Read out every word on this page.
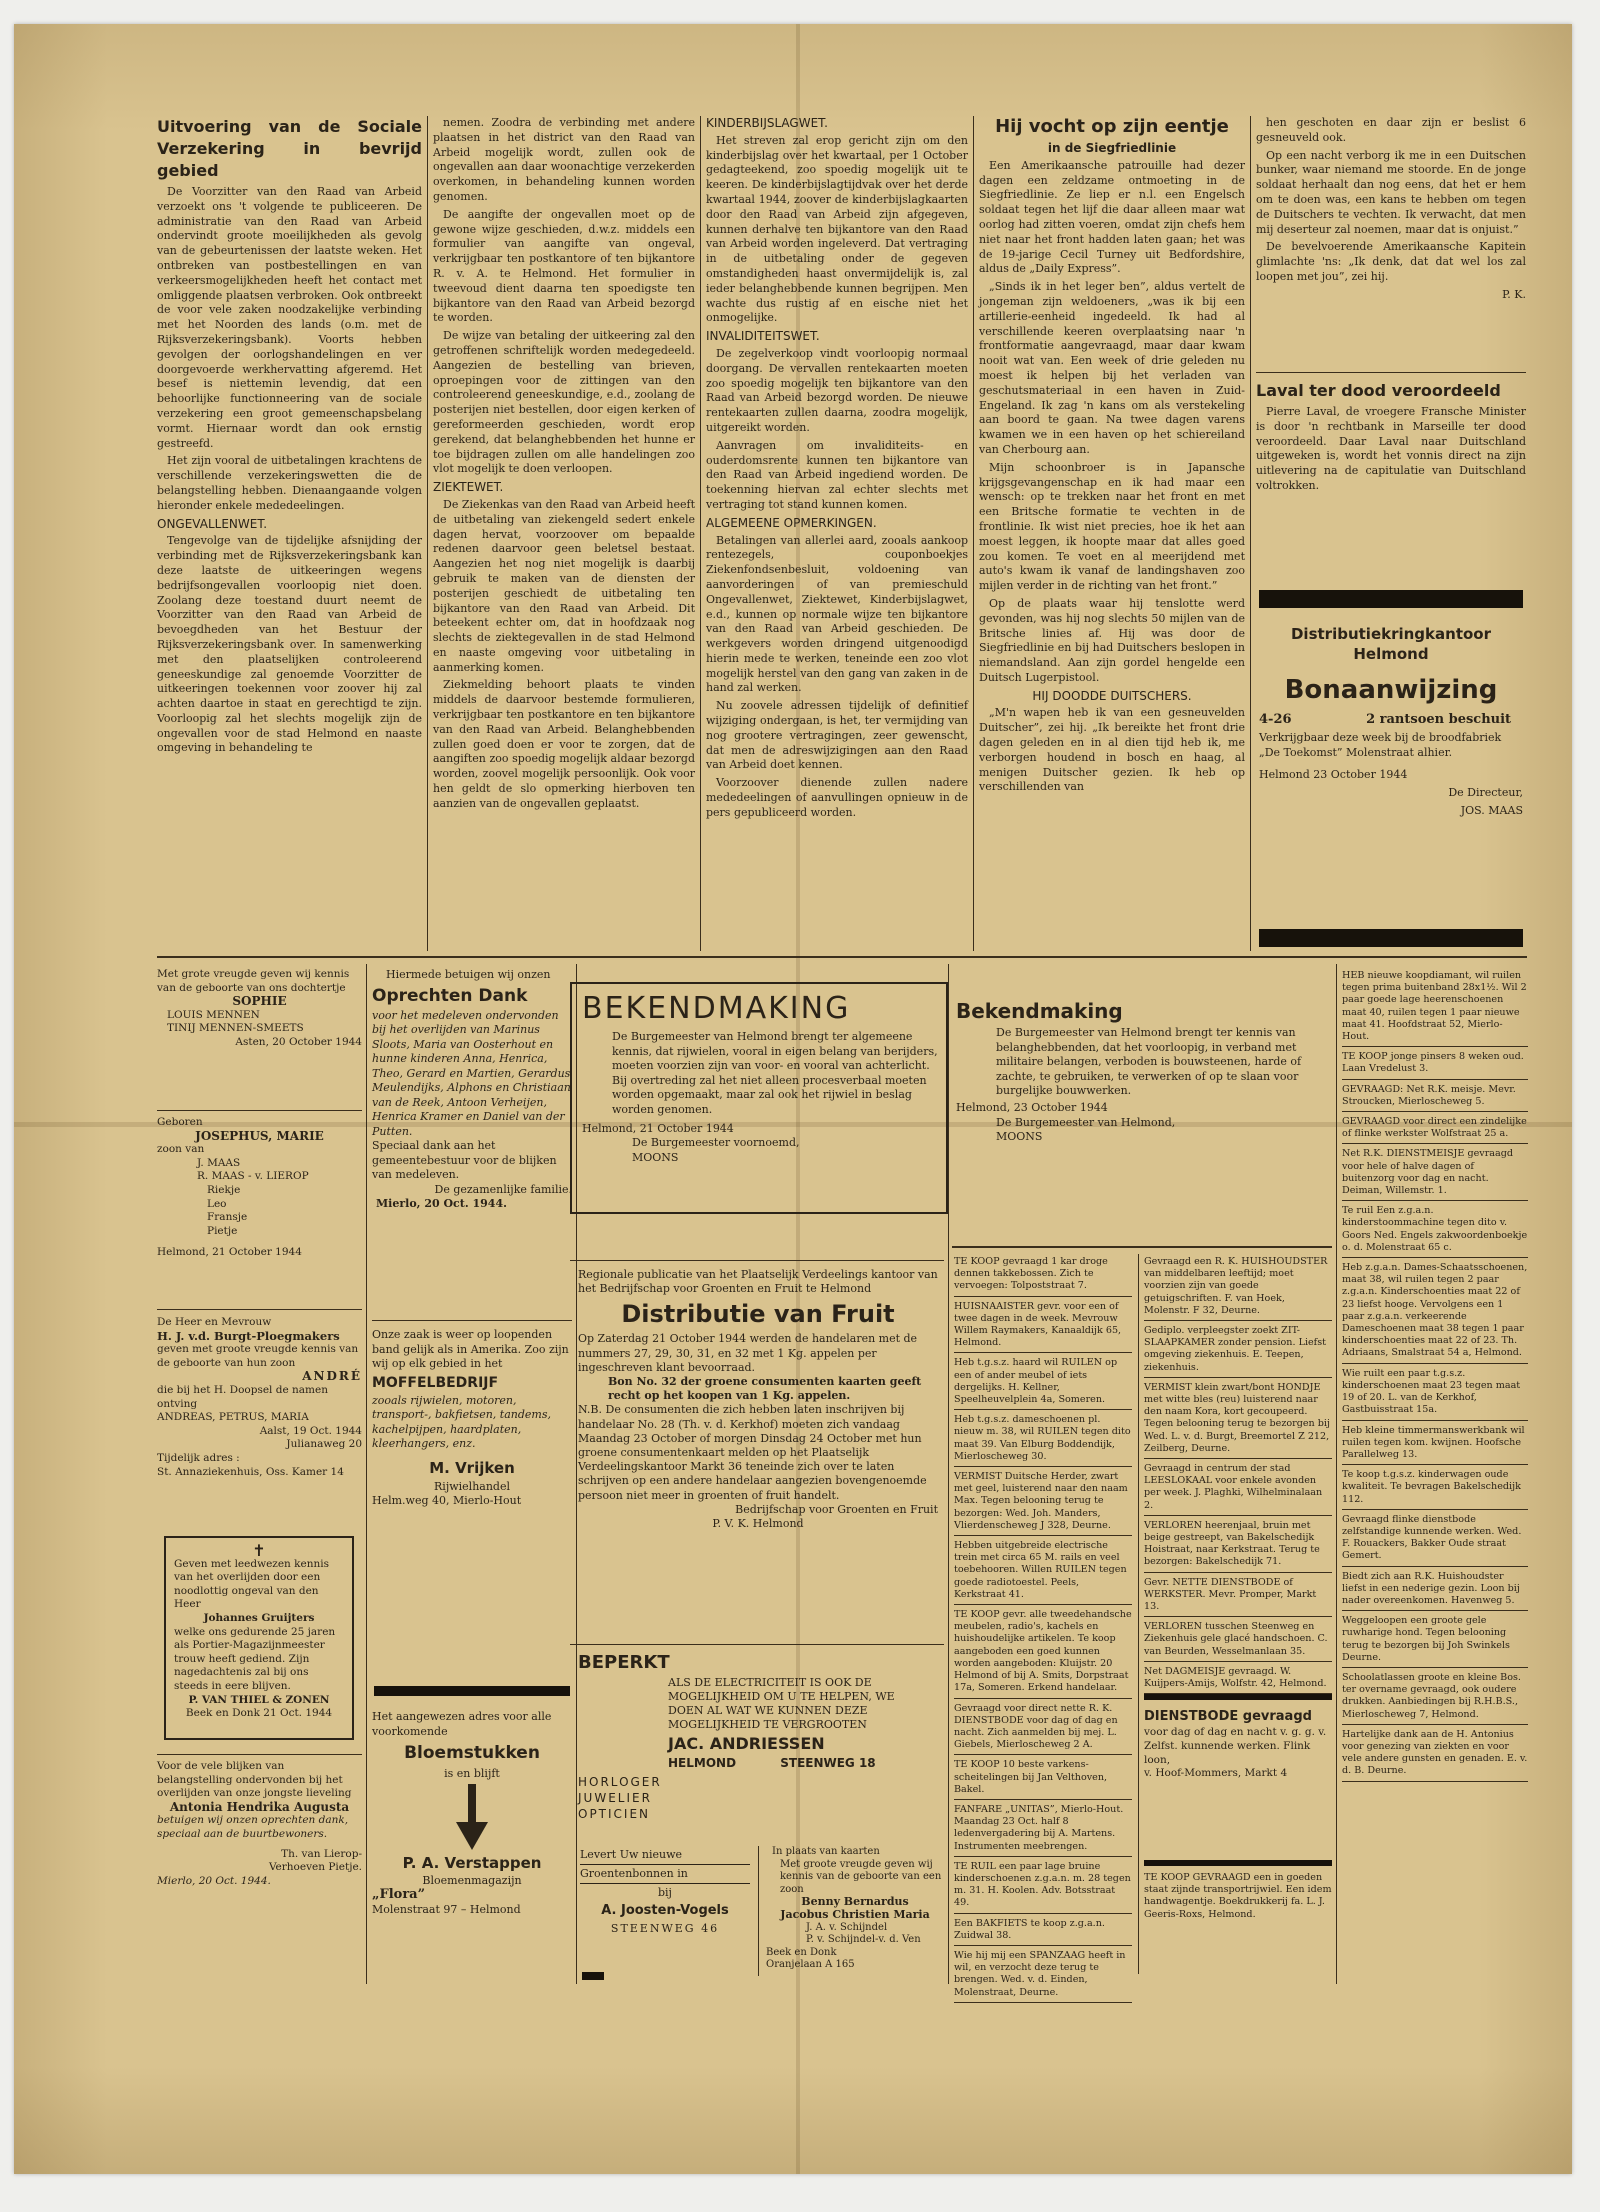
Uitvoering van de Sociale Verzekering in bevrijd gebied

De Voorzitter van den Raad van Arbeid verzoekt ons 't volgende te publiceeren. De administratie van den Raad van Arbeid ondervindt groote moeilijkheden als gevolg van de gebeurtenissen der laatste weken. Het ontbreken van postbestellingen en van verkeersmogelijkheden heeft het contact met omliggende plaatsen verbroken. Ook ontbreekt de voor vele zaken noodzakelijke verbinding met het Noorden des lands (o.m. met de Rijksverzekeringsbank). Voorts hebben gevolgen der oorlogshandelingen en ver doorgevoerde werkhervatting afgeremd. Het besef is niettemin levendig, dat een behoorlijke functionneering van de sociale verzekering een groot gemeenschapsbelang vormt. Hiernaar wordt dan ook ernstig gestreefd.

Het zijn vooral de uitbetalingen krachtens de verschillende verzekeringswetten die de belangstelling hebben. Dienaangaande volgen hieronder enkele mededeelingen.

ONGEVALLENWET.

Tengevolge van de tijdelijke afsnijding der verbinding met de Rijksverzekeringsbank kan deze laatste de uitkeeringen wegens bedrijfsongevallen voorloopig niet doen. Zoolang deze toestand duurt neemt de Voorzitter van den Raad van Arbeid de bevoegdheden van het Bestuur der Rijksverzekeringsbank over. In samenwerking met den plaatselijken controleerend geneeskundige zal genoemde Voorzitter de uitkeeringen toekennen voor zoover hij zal achten daartoe in staat en gerechtigd te zijn. Voorloopig zal het slechts mogelijk zijn de ongevallen voor de stad Helmond en naaste omgeving in behandeling te

nemen. Zoodra de verbinding met andere plaatsen in het district van den Raad van Arbeid mogelijk wordt, zullen ook de ongevallen aan daar woonachtige verzekerden overkomen, in behandeling kunnen worden genomen.

De aangifte der ongevallen moet op de gewone wijze geschieden, d.w.z. middels een formulier van aangifte van ongeval, verkrijgbaar ten postkantore of ten bijkantore R. v. A. te Helmond. Het formulier in tweevoud dient daarna ten spoedigste ten bijkantore van den Raad van Arbeid bezorgd te worden.

De wijze van betaling der uitkeering zal den getroffenen schriftelijk worden medegedeeld. Aangezien de bestelling van brieven, oproepingen voor de zittingen van den controleerend geneeskundige, e.d., zoolang de posterijen niet bestellen, door eigen kerken of gereformeerden geschieden, wordt erop gerekend, dat belanghebbenden het hunne er toe bijdragen zullen om alle handelingen zoo vlot mogelijk te doen verloopen.

ZIEKTEWET.

De Ziekenkas van den Raad van Arbeid heeft de uitbetaling van ziekengeld sedert enkele dagen hervat, voorzoover om bepaalde redenen daarvoor geen beletsel bestaat. Aangezien het nog niet mogelijk is daarbij gebruik te maken van de diensten der posterijen geschiedt de uitbetaling ten bijkantore van den Raad van Arbeid. Dit beteekent echter om, dat in hoofdzaak nog slechts de ziektegevallen in de stad Helmond en naaste omgeving voor uitbetaling in aanmerking komen.

Ziekmelding behoort plaats te vinden middels de daarvoor bestemde formulieren, verkrijgbaar ten postkantore en ten bijkantore van den Raad van Arbeid. Belanghebbenden zullen goed doen er voor te zorgen, dat de aangiften zoo spoedig mogelijk aldaar bezorgd worden, zoovel mogelijk persoonlijk. Ook voor hen geldt de slo opmerking hierboven ten aanzien van de ongevallen geplaatst.

KINDERBIJSLAGWET.

Het streven zal erop gericht zijn om den kinderbijslag over het kwartaal, per 1 October gedagteekend, zoo spoedig mogelijk uit te keeren. De kinderbijslagtijdvak over het derde kwartaal 1944, zoover de kinderbijslagkaarten door den Raad van Arbeid zijn afgegeven, kunnen derhalve ten bijkantore van den Raad van Arbeid worden ingeleverd. Dat vertraging in de uitbetaling onder de gegeven omstandigheden haast onvermijdelijk is, zal ieder belanghebbende kunnen begrijpen. Men wachte dus rustig af en eische niet het onmogelijke.

INVALIDITEITSWET.

De zegelverkoop vindt voorloopig normaal doorgang. De vervallen rentekaarten moeten zoo spoedig mogelijk ten bijkantore van den Raad van Arbeid bezorgd worden. De nieuwe rentekaarten zullen daarna, zoodra mogelijk, uitgereikt worden.

Aanvragen om invaliditeits- en ouderdomsrente kunnen ten bijkantore van den Raad van Arbeid ingediend worden. De toekenning hiervan zal echter slechts met vertraging tot stand kunnen komen.

ALGEMEENE OPMERKINGEN.

Betalingen van allerlei aard, zooals aankoop rentezegels, couponboekjes Ziekenfondsenbesluit, voldoening van aanvorderingen of van premieschuld Ongevallenwet, Ziektewet, Kinderbijslagwet, e.d., kunnen op normale wijze ten bijkantore van den Raad van Arbeid geschieden. De werkgevers worden dringend uitgenoodigd hierin mede te werken, teneinde een zoo vlot mogelijk herstel van den gang van zaken in de hand zal werken.

Nu zoovele adressen tijdelijk of definitief wijziging ondergaan, is het, ter vermijding van nog grootere vertragingen, zeer gewenscht, dat men de adreswijzigingen aan den Raad van Arbeid doet kennen.

Voorzoover dienende zullen nadere mededeelingen of aanvullingen opnieuw in de pers gepubliceerd worden.

Hij vocht op zijn eentje

in de Siegfriedlinie

Een Amerikaansche patrouille had dezer dagen een zeldzame ontmoeting in de Siegfriedlinie. Ze liep er n.l. een Engelsch soldaat tegen het lijf die daar alleen maar wat oorlog had zitten voeren, omdat zijn chefs hem niet naar het front hadden laten gaan; het was de 19-jarige Cecil Turney uit Bedfordshire, aldus de „Daily Express”.

„Sinds ik in het leger ben”, aldus vertelt de jongeman zijn weldoeners, „was ik bij een artillerie-eenheid ingedeeld. Ik had al verschillende keeren overplaatsing naar 'n frontformatie aangevraagd, maar daar kwam nooit wat van. Een week of drie geleden nu moest ik helpen bij het verladen van geschutsmateriaal in een haven in Zuid-Engeland. Ik zag 'n kans om als verstekeling aan boord te gaan. Na twee dagen varens kwamen we in een haven op het schiereiland van Cherbourg aan.

Mijn schoonbroer is in Japansche krijgsgevangenschap en ik had maar een wensch: op te trekken naar het front en met een Britsche formatie te vechten in de frontlinie. Ik wist niet precies, hoe ik het aan moest leggen, ik hoopte maar dat alles goed zou komen. Te voet en al meerijdend met auto's kwam ik vanaf de landingshaven zoo mijlen verder in de richting van het front.”

Op de plaats waar hij tenslotte werd gevonden, was hij nog slechts 50 mijlen van de Britsche linies af. Hij was door de Siegfriedlinie en bij had Duitschers beslopen in niemandsland. Aan zijn gordel hengelde een Duitsch Lugerpistool.

HIJ DOODDE DUITSCHERS.

„M'n wapen heb ik van een gesneuvelden Duitscher”, zei hij. „Ik bereikte het front drie dagen geleden en in al dien tijd heb ik, me verborgen houdend in bosch en haag, al menigen Duitscher gezien. Ik heb op verschillenden van

hen geschoten en daar zijn er beslist 6 gesneuveld ook.

Op een nacht verborg ik me in een Duitschen bunker, waar niemand me stoorde. En de jonge soldaat herhaalt dan nog eens, dat het er hem om te doen was, een kans te hebben om tegen de Duitschers te vechten. Ik verwacht, dat men mij deserteur zal noemen, maar dat is onjuist.”

De bevelvoerende Amerikaansche Kapitein glimlachte 'ns: „Ik denk, dat dat wel los zal loopen met jou”, zei hij.

P. K.

Laval ter dood veroordeeld

Pierre Laval, de vroegere Fransche Minister is door 'n rechtbank in Marseille ter dood veroordeeld. Daar Laval naar Duitschland uitgeweken is, wordt het vonnis direct na zijn uitlevering na de capitulatie van Duitschland voltrokken.

Distributiekringkantoor Helmond

Bonaanwijzing

4-26	2 rantsoen beschuit

Verkrijgbaar deze week bij de broodfabriek „De Toekomst” Molenstraat alhier.

Helmond 23 October 1944

De Directeur,

JOS. MAAS

Met grote vreugde geven wij kennis van de geboorte van ons dochtertje
SOPHIE
LOUIS MENNEN
TINIJ MENNEN-SMEETS
Asten, 20 October 1944
Geboren
JOSEPHUS, MARIE
zoon van
J. MAAS
R. MAAS - v. LIEROP
Riekje
Leo
Fransje
Pietje
Helmond, 21 October 1944
De Heer en Mevrouw
H. J. v.d. Burgt-Ploegmakers
geven met groote vreugde kennis van de geboorte van hun zoon
ANDRÉ
die bij het H. Doopsel de namen ontving
ANDREAS, PETRUS, MARIA
Aalst, 19 Oct. 1944
Julianaweg 20
Tijdelijk adres :
St. Annaziekenhuis, Oss. Kamer 14
✝
Geven met leedwezen kennis van het overlijden door een noodlottig ongeval van den Heer
Johannes Gruijters
welke ons gedurende 25 jaren als Portier-Magazijnmeester trouw heeft gediend. Zijn nagedachtenis zal bij ons steeds in eere blijven.
P. VAN THIEL & ZONEN
Beek en Donk 21 Oct. 1944
Voor de vele blijken van belangstelling ondervonden bij het overlijden van onze jongste lieveling
Antonia Hendrika Augusta
betuigen wij onzen oprechten dank, speciaal aan de buurtbewoners.
Th. van Lierop-
Verhoeven Pietje.
Mierlo, 20 Oct. 1944.
Hiermede betuigen wij onzen
Oprechten Dank
voor het medeleven ondervonden bij het overlijden van Marinus Sloots, Maria van Oosterhout en hunne kinderen Anna, Henrica, Theo, Gerard en Martien, Gerardus Meulendijks, Alphons en Christiaan van de Reek, Antoon Verheijen, Henrica Kramer en Daniel van der Putten.
Speciaal dank aan het gemeentebestuur voor de blijken van medeleven.
De gezamenlijke familie.
Mierlo, 20 Oct. 1944.
Onze zaak is weer op loopenden band gelijk als in Amerika. Zoo zijn wij op elk gebied in het
MOFFELBEDRIJF
zooals rijwielen, motoren, transport-, bakfietsen, tandems, kachelpijpen, haardplaten, kleerhangers, enz.
M. Vrijken
Rijwielhandel
Helm.weg 40, Mierlo-Hout
Het aangewezen adres voor alle voorkomende
Bloemstukken
is en blijft
P. A. Verstappen
Bloemenmagazijn
„Flora”
Molenstraat 97 – Helmond
BEKENDMAKING
De Burgemeester van Helmond brengt ter algemeene kennis, dat rijwielen, vooral in eigen belang van berijders, moeten voorzien zijn van voor- en vooral van achterlicht.
Bij overtreding zal het niet alleen procesverbaal moeten worden opgemaakt, maar zal ook het rijwiel in beslag worden genomen.
Helmond, 21 October 1944
De Burgemeester voornoemd,
MOONS
Regionale publicatie van het Plaatselijk Verdeelings kantoor van het Bedrijfschap voor Groenten en Fruit te Helmond
Distributie van Fruit
Op Zaterdag 21 October 1944 werden de handelaren met de nummers 27, 29, 30, 31, en 32 met 1 Kg. appelen per ingeschreven klant bevoorraad.
Bon No. 32 der groene consumenten kaarten geeft recht op het koopen van 1 Kg. appelen.
N.B. De consumenten die zich hebben laten inschrijven bij handelaar No. 28 (Th. v. d. Kerkhof) moeten zich vandaag Maandag 23 October of morgen Dinsdag 24 October met hun groene consumentenkaart melden op het Plaatselijk Verdeelingskantoor Markt 36 teneinde zich over te laten schrijven op een andere handelaar aangezien bovengenoemde persoon niet meer in groenten of fruit handelt.
Bedrijfschap voor Groenten en Fruit
P. V. K. Helmond
BEPERKT
ALS DE ELECTRICITEIT IS OOK DE MOGELIJKHEID OM U TE HELPEN, WE DOEN AL WAT WE KUNNEN DEZE MOGELIJKHEID TE VERGROOTEN
JAC. ANDRIESSEN
HELMOND	STEENWEG 18
HORLOGER JUWELIER OPTICIEN
Levert Uw nieuwe
Groentenbonnen in
bij
A. Joosten-Vogels
STEENWEG 46
In plaats van kaarten
Met groote vreugde geven wij kennis van de geboorte van een zoon
Benny Bernardus
Jacobus Christien Maria
J. A. v. Schijndel
P. v. Schijndel-v. d. Ven
Beek en Donk
Oranjelaan A 165
Bekendmaking
De Burgemeester van Helmond brengt ter kennis van belanghebbenden, dat het voorloopig, in verband met militaire belangen, verboden is bouwsteenen, harde of zachte, te gebruiken, te verwerken of op te slaan voor burgelijke bouwwerken.
Helmond, 23 October 1944
De Burgemeester van Helmond,
MOONS
TE KOOP gevraagd 1 kar droge dennen takkebossen. Zich te vervoegen: Tolpoststraat 7.
HUISNAAISTER gevr. voor een of twee dagen in de week. Mevrouw Willem Raymakers, Kanaaldijk 65, Helmond.
Heb t.g.s.z. haard wil RUILEN op een of ander meubel of iets dergelijks. H. Kellner, Speelheuvelplein 4a, Someren.
Heb t.g.s.z. dameschoenen pl. nieuw m. 38, wil RUILEN tegen dito maat 39. Van Elburg Boddendijk, Mierloscheweg 30.
VERMIST Duitsche Herder, zwart met geel, luisterend naar den naam Max. Tegen belooning terug te bezorgen: Wed. Joh. Manders, Vlierdenscheweg J 328, Deurne.
Hebben uitgebreide electrische trein met circa 65 M. rails en veel toebehooren. Willen RUILEN tegen goede radiotoestel. Peels, Kerkstraat 41.
TE KOOP gevr. alle tweedehandsche meubelen, radio's, kachels en huishoudelijke artikelen. Te koop aangeboden een goed kunnen worden aangeboden: Kluijstr. 20 Helmond of bij A. Smits, Dorpstraat 17a, Someren. Erkend handelaar.
Gevraagd voor direct nette R. K. DIENSTBODE voor dag of dag en nacht. Zich aanmelden bij mej. L. Giebels, Mierloscheweg 2 A.
TE KOOP 10 beste varkens-scheitelingen bij Jan Velthoven, Bakel.
FANFARE „UNITAS”, Mierlo-Hout. Maandag 23 Oct. half 8 ledenvergadering bij A. Martens. Instrumenten meebrengen.
TE RUIL een paar lage bruine kinderschoenen z.g.a.n. m. 28 tegen m. 31. H. Koolen. Adv. Botsstraat 49.
Een BAKFIETS te koop z.g.a.n. Zuidwal 38.
Wie hij mij een SPANZAAG heeft in wil, en verzocht deze terug te brengen. Wed. v. d. Einden, Molenstraat, Deurne.
Gevraagd een R. K. HUISHOUDSTER van middelbaren leeftijd; moet voorzien zijn van goede getuigschriften. F. van Hoek, Molenstr. F 32, Deurne.
Gediplo. verpleegster zoekt ZIT-SLAAPKAMER zonder pension. Liefst omgeving ziekenhuis. E. Teepen, ziekenhuis.
VERMIST klein zwart/bont HONDJE met witte bles (reu) luisterend naar den naam Kora, kort gecoupeerd. Tegen belooning terug te bezorgen bij Wed. L. v. d. Burgt, Breemortel Z 212, Zeilberg, Deurne.
Gevraagd in centrum der stad LEESLOKAAL voor enkele avonden per week. J. Plaghki, Wilhelminalaan 2.
VERLOREN heerenjaal, bruin met beige gestreept, van Bakelschedijk Hoistraat, naar Kerkstraat. Terug te bezorgen: Bakelschedijk 71.
Gevr. NETTE DIENSTBODE of WERKSTER. Mevr. Promper, Markt 13.
VERLOREN tusschen Steenweg en Ziekenhuis gele glacé handschoen. C. van Beurden, Wesselmanlaan 35.
Net DAGMEISJE gevraagd. W. Kuijpers-Amijs, Wolfstr. 42, Helmond.
DIENSTBODE gevraagd
voor dag of dag en nacht v. g. g. v. Zelfst. kunnende werken. Flink loon,
v. Hoof-Mommers, Markt 4
TE KOOP GEVRAAGD een in goeden staat zijnde transportrijwiel. Een idem handwagentje. Boekdrukkerij fa. L. J. Geeris-Roxs, Helmond.
HEB nieuwe koopdiamant, wil ruilen tegen prima buitenband 28x1½. Wil 2 paar goede lage heerenschoenen maat 40, ruilen tegen 1 paar nieuwe maat 41. Hoofdstraat 52, Mierlo-Hout.
TE KOOP jonge pinsers 8 weken oud. Laan Vredelust 3.
GEVRAAGD: Net R.K. meisje. Mevr. Stroucken, Mierloscheweg 5.
GEVRAAGD voor direct een zindelijke of flinke werkster Wolfstraat 25 a.
Net R.K. DIENSTMEISJE gevraagd voor hele of halve dagen of buitenzorg voor dag en nacht. Deiman, Willemstr. 1.
Te ruil Een z.g.a.n. kinderstoommachine tegen dito v. Goors Ned. Engels zakwoordenboekje o. d. Molenstraat 65 c.
Heb z.g.a.n. Dames-Schaatsschoenen, maat 38, wil ruilen tegen 2 paar z.g.a.n. Kinderschoenties maat 22 of 23 liefst hooge. Vervolgens een 1 paar z.g.a.n. verkeerende Dameschoenen maat 38 tegen 1 paar kinderschoenties maat 22 of 23. Th. Adriaans, Smalstraat 54 a, Helmond.
Wie ruilt een paar t.g.s.z. kinderschoenen maat 23 tegen maat 19 of 20. L. van de Kerkhof, Gastbuisstraat 15a.
Heb kleine timmermanswerkbank wil ruilen tegen kom. kwijnen. Hoofsche Parallelweg 13.
Te koop t.g.s.z. kinderwagen oude kwaliteit. Te bevragen Bakelschedijk 112.
Gevraagd flinke dienstbode zelfstandige kunnende werken. Wed. F. Rouackers, Bakker Oude straat Gemert.
Biedt zich aan R.K. Huishoudster liefst in een nederige gezin. Loon bij nader overeenkomen. Havenweg 5.
Weggeloopen een groote gele ruwharige hond. Tegen belooning terug te bezorgen bij Joh Swinkels Deurne.
Schoolatlassen groote en kleine Bos. ter overname gevraagd, ook oudere drukken. Aanbiedingen bij R.H.B.S., Mierloscheweg 7, Helmond.
Hartelijke dank aan de H. Antonius voor genezing van ziekten en voor vele andere gunsten en genaden. E. v. d. B. Deurne.
